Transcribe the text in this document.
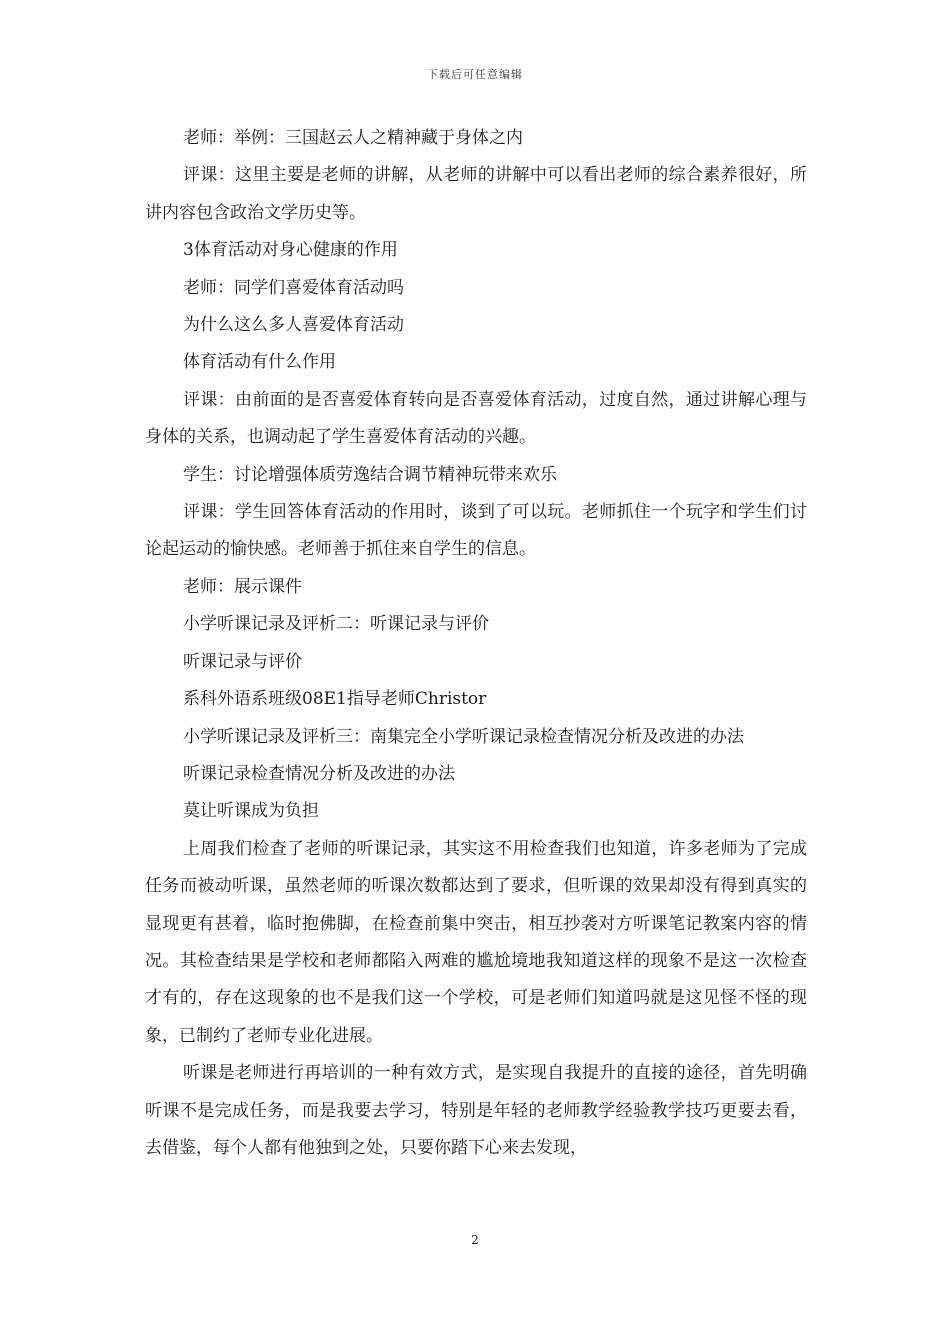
下载后可任意编辑

老师：举例：三国赵云人之精神藏于身体之内

评课：这里主要是老师的讲解，从老师的讲解中可以看出老师的综合素养很好，所讲内容包含政治文学历史等。

3体育活动对身心健康的作用

老师：同学们喜爱体育活动吗

为什么这么多人喜爱体育活动

体育活动有什么作用

评课：由前面的是否喜爱体育转向是否喜爱体育活动，过度自然，通过讲解心理与身体的关系，也调动起了学生喜爱体育活动的兴趣。

学生：讨论增强体质劳逸结合调节精神玩带来欢乐

评课：学生回答体育活动的作用时，谈到了可以玩。老师抓住一个玩字和学生们讨论起运动的愉快感。老师善于抓住来自学生的信息。

老师：展示课件

小学听课记录及评析二：听课记录与评价

听课记录与评价

系科外语系班级08E1指导老师Christor

小学听课记录及评析三：南集完全小学听课记录检查情况分析及改进的办法

听课记录检查情况分析及改进的办法

莫让听课成为负担

上周我们检查了老师的听课记录，其实这不用检查我们也知道，许多老师为了完成任务而被动听课，虽然老师的听课次数都达到了要求，但听课的效果却没有得到真实的显现更有甚着，临时抱佛脚，在检查前集中突击，相互抄袭对方听课笔记教案内容的情况。其检查结果是学校和老师都陷入两难的尴尬境地我知道这样的现象不是这一次检查才有的，存在这现象的也不是我们这一个学校，可是老师们知道吗就是这见怪不怪的现象，已制约了老师专业化进展。

听课是老师进行再培训的一种有效方式，是实现自我提升的直接的途径，首先明确听课不是完成任务，而是我要去学习，特别是年轻的老师教学经验教学技巧更要去看，去借鉴，每个人都有他独到之处，只要你踏下心来去发现，

2
